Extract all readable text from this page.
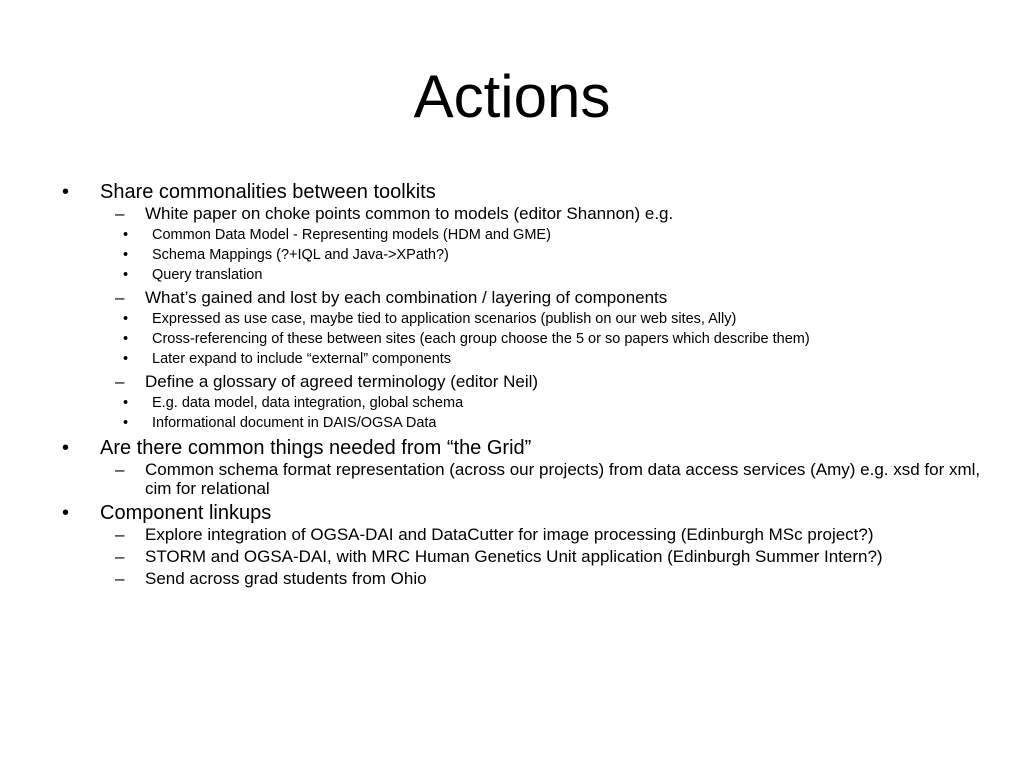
Actions
• Share commonalities between toolkits
– White paper on choke points common to models (editor Shannon) e.g.
• Common Data Model - Representing models (HDM and GME)
• Schema Mappings (?+IQL and Java->XPath?)
• Query translation
– What’s gained and lost by each combination / layering of components
• Expressed as use case, maybe tied to application scenarios (publish on our web sites, Ally)
• Cross-referencing of these between sites (each group choose the 5 or so papers which describe them)
• Later expand to include “external” components
– Define a glossary of agreed terminology (editor Neil)
• E.g. data model, data integration, global schema
• Informational document in DAIS/OGSA Data
• Are there common things needed from “the Grid”
– Common schema format representation (across our projects) from data access services (Amy) e.g. xsd for xml, cim for relational
• Component linkups
– Explore integration of OGSA-DAI and DataCutter for image processing (Edinburgh MSc project?)
– STORM and OGSA-DAI, with MRC Human Genetics Unit application (Edinburgh Summer Intern?)
– Send across grad students from Ohio
